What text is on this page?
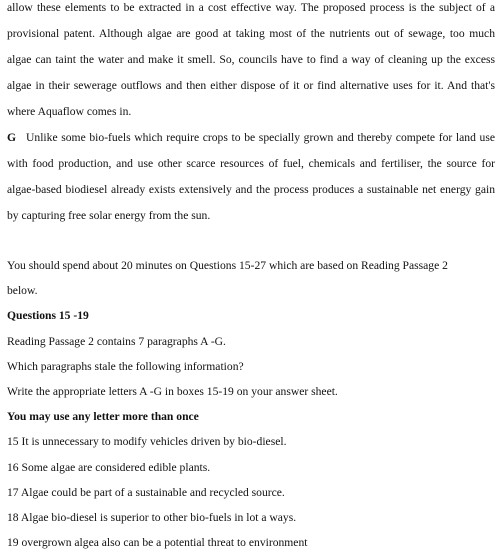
allow these elements to be extracted in a cost effective way. The proposed process is the subject of a provisional patent. Although algae are good at taking most of the nutrients out of sewage, too much algae can taint the water and make it smell. So, councils have to find a way of cleaning up the excess algae in their sewerage outflows and then either dispose of it or find alternative uses for it. And that's where Aquaflow comes in.

G Unlike some bio-fuels which require crops to be specially grown and thereby compete for land use with food production, and use other scarce resources of fuel, chemicals and fertiliser, the source for algae-based biodiesel already exists extensively and the process produces a sustainable net energy gain by capturing free solar energy from the sun.

You should spend about 20 minutes on Questions 15-27 which are based on Reading Passage 2

below.

Questions 15 -19

Reading Passage 2 contains 7 paragraphs A -G.

Which paragraphs stale the following information?

Write the appropriate letters A -G in boxes 15-19 on your answer sheet.

You may use any letter more than once

15 It is unnecessary to modify vehicles driven by bio-diesel.

16 Some algae are considered edible plants.

17 Algae could be part of a sustainable and recycled source.

18 Algae bio-diesel is superior to other bio-fuels in lot a ways.

19 overgrown algea also can be a potential threat to environment
